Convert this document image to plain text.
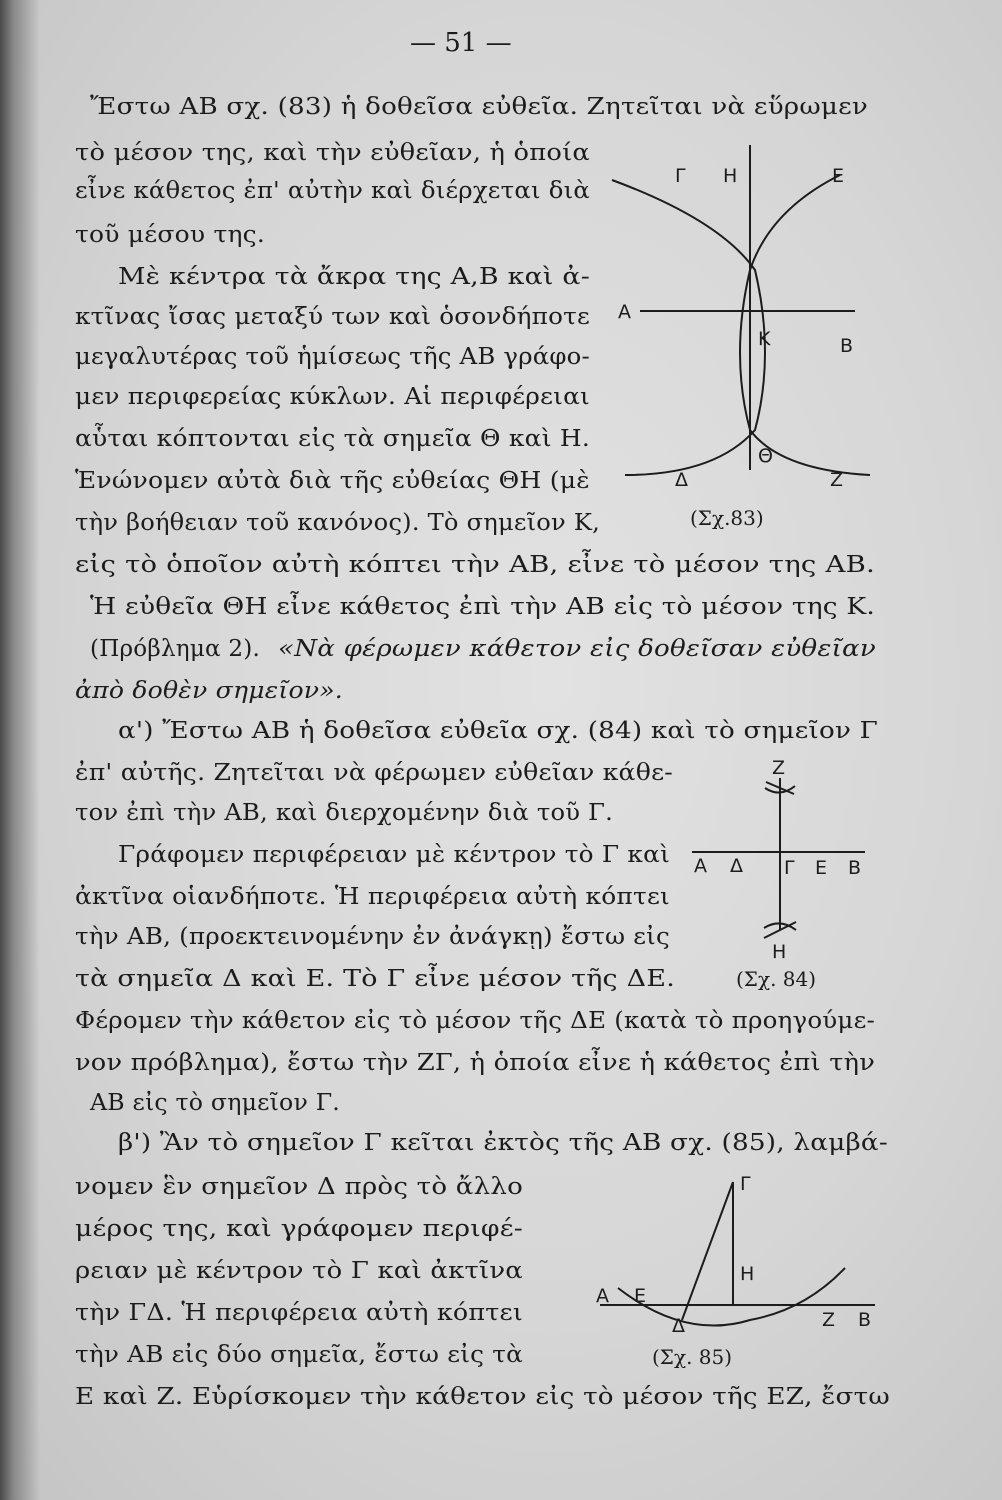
— 51 —
Ἔστω ΑΒ σχ. (83) ἡ δοθεῖσα εὐθεῖα. Ζητεῖται νὰ εὕρωμεν
τὸ μέσον της, καὶ τὴν εὐθεῖαν, ἡ ὁποία
εἶνε κάθετος ἐπ' αὐτὴν καὶ διέρχεται διὰ
τοῦ μέσου της.
Μὲ κέντρα τὰ ἄκρα της Α,Β καὶ ἀ-
κτῖνας ἴσας μεταξύ των καὶ ὁσονδήποτε
μεγαλυτέρας τοῦ ἡμίσεως τῆς ΑΒ γράφο-
μεν περιφερείας κύκλων. Αἱ περιφέρειαι
αὗται κόπτονται εἰς τὰ σημεῖα Θ καὶ Η.
Ἑνώνομεν αὐτὰ διὰ τῆς εὐθείας ΘΗ (μὲ
τὴν βοήθειαν τοῦ κανόνος). Τὸ σημεῖον Κ,
εἰς τὸ ὁποῖον αὐτὴ κόπτει τὴν ΑΒ, εἶνε τὸ μέσον της ΑΒ.
Ἡ εὐθεῖα ΘΗ εἶνε κάθετος ἐπὶ τὴν ΑΒ εἰς τὸ μέσον της Κ.
(Πρόβλημα 2). «Νὰ φέρωμεν κάθετον εἰς δοθεῖσαν εὐθεῖαν
ἀπὸ δοθὲν σημεῖον».
α') Ἔστω ΑΒ ἡ δοθεῖσα εὐθεῖα σχ. (84) καὶ τὸ σημεῖον Γ
ἐπ' αὐτῆς. Ζητεῖται νὰ φέρωμεν εὐθεῖαν κάθε-
τον ἐπὶ τὴν ΑΒ, καὶ διερχομένην διὰ τοῦ Γ.
Γράφομεν περιφέρειαν μὲ κέντρον τὸ Γ καὶ
ἀκτῖνα οἱανδήποτε. Ἡ περιφέρεια αὐτὴ κόπτει
τὴν ΑΒ, (προεκτεινομένην ἐν ἀνάγκῃ) ἔστω εἰς
τὰ σημεῖα Δ καὶ Ε. Τὸ Γ εἶνε μέσον τῆς ΔΕ.
Φέρομεν τὴν κάθετον εἰς τὸ μέσον τῆς ΔΕ (κατὰ τὸ προηγούμε-
νον πρόβλημα), ἔστω τὴν ΖΓ, ἡ ὁποία εἶνε ἡ κάθετος ἐπὶ τὴν
ΑΒ εἰς τὸ σημεῖον Γ.
β') Ἂν τὸ σημεῖον Γ κεῖται ἐκτὸς τῆς ΑΒ σχ. (85), λαμβά-
νομεν ἓν σημεῖον Δ πρὸς τὸ ἄλλο
μέρος της, καὶ γράφομεν περιφέ-
ρειαν μὲ κέντρον τὸ Γ καὶ ἀκτῖνα
τὴν ΓΔ. Ἡ περιφέρεια αὐτὴ κόπτει
τὴν ΑΒ εἰς δύο σημεῖα, ἔστω εἰς τὰ
Ε καὶ Ζ. Εὑρίσκομεν τὴν κάθετον εἰς τὸ μέσον τῆς ΕΖ, ἔστω
Γ Η	Ε
Α
Κ	Β
Θ
Δ	Ζ
(Σχ.83)
Ζ
Α Δ Γ Ε Β
Η
(Σχ. 84)
Γ
Η
Α Ε
Δ	Ζ Β
(Σχ. 85)
